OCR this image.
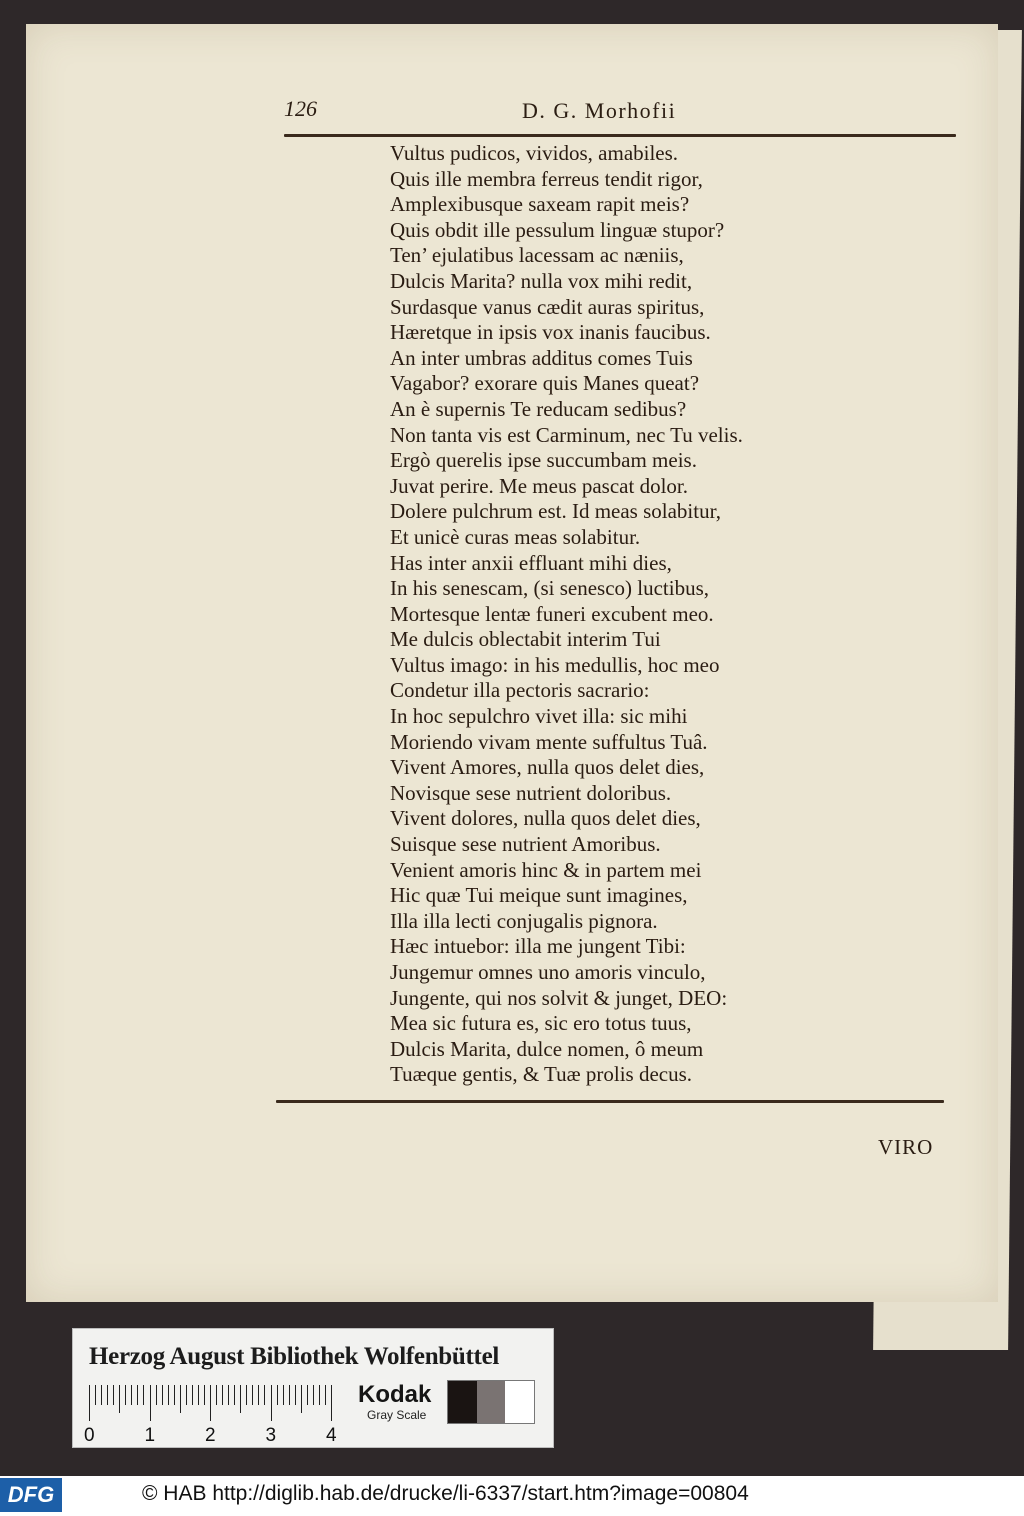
126	D. G. Morhofii
Vultus pudicos, vividos, amabiles.
Quis ille membra ferreus tendit rigor,
Amplexibusque saxeam rapit meis?
Quis obdit ille pessulum linguæ stupor?
Ten’ ejulatibus lacessam ac næniis,
Dulcis Marita? nulla vox mihi redit,
Surdasque vanus cædit auras spiritus,
Hæretque in ipsis vox inanis faucibus.
An inter umbras additus comes Tuis
Vagabor? exorare quis Manes queat?
An è supernis Te reducam sedibus?
Non tanta vis est Carminum, nec Tu velis.
Ergò querelis ipse succumbam meis.
Juvat perire. Me meus pascat dolor.
Dolere pulchrum est. Id meas solabitur,
Et unicè curas meas solabitur.
Has inter anxii effluant mihi dies,
In his senescam, (si senesco) luctibus,
Mortesque lentæ funeri excubent meo.
Me dulcis oblectabit interim Tui
Vultus imago: in his medullis, hoc meo
Condetur illa pectoris sacrario:
In hoc sepulchro vivet illa: sic mihi
Moriendo vivam mente suffultus Tuâ.
Vivent Amores, nulla quos delet dies,
Novisque sese nutrient doloribus.
Vivent dolores, nulla quos delet dies,
Suisque sese nutrient Amoribus.
Venient amoris hinc & in partem mei
Hic quæ Tui meique sunt imagines,
Illa illa lecti conjugalis pignora.
Hæc intuebor: illa me jungent Tibi:
Jungemur omnes uno amoris vinculo,
Jungente, qui nos solvit & junget, DEO:
Mea sic futura es, sic ero totus tuus,
Dulcis Marita, dulce nomen, ô meum
Tuæque gentis, & Tuæ prolis decus.
VIRO
Herzog August Bibliothek Wolfenbüttel
0	1	2	3	4
Kodak
Gray Scale
DFG	© HAB http://diglib.hab.de/drucke/li-6337/start.htm?image=00804
